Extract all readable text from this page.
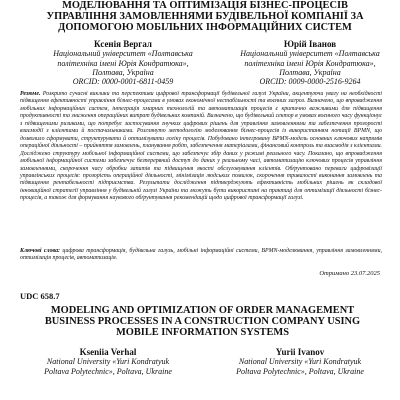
МОДЕЛЮВАННЯ ТА ОПТИМІЗАЦІЯ БІЗНЕС-ПРОЦЕСІВ УПРАВЛІННЯ ЗАМОВЛЕННЯМИ БУДІВЕЛЬНОЇ КОМПАНІЇ ЗА ДОПОМОГОЮ МОБІЛЬНИХ ІНФОРМАЦІЙНИХ СИСТЕМ
Ксенія Вергал
Національний університет «Полтавська
політехніка імені Юрія Кондратюка»,
Полтава, Україна
ORCID: 0000-0001-6811-0459
Юрій Іванов
Національний університет «Полтавська
політехніка імені Юрія Кондратюка»,
Полтава, Україна
ORCID: 0009-0000-2516-9264
Резюме. Розкрито сучасні виклики та перспективи цифрової трансформації будівельної галузі України, акцентуючи увагу на необхідності підвищення ефективності управління бізнес-процесами в умовах економічної нестабільності та воєнних загроз. Визначено, що впровадження мобільних інформаційних систем, інтеграція хмарних технологій та автоматизація процесів є критично важливими для підвищення продуктивності та зниження операційних витрат будівельних компаній. Визначено, що будівельний сектор в умовах воєнного часу функціонує з підвищеними ризиками, що потребує застосування гнучких цифрових рішень для управління замовленнями та забезпечення прозорості взаємодії з клієнтами й постачальниками. Розглянуто методологію моделювання бізнес-процесів із використанням нотації BPMN, що дозволило сформувати, структурувати й оптимізувати логіку процесів. Побудовано інтегровану BPMN-модель основних ключових напрямів операційної діяльності – прийняття замовлень, планування робіт, забезпечення матеріалами, фінансовий контроль та взаємодія з клієнтами. Досліджено структуру мобільної інформаційної системи, що забезпечує збір даних у режимі реального часу. Показано, що впровадження мобільної інформаційної системи забезпечує безперервний доступ до даних у реальному часі, автоматизацію ключових процесів управління замовленнями, скорочення часу обробки запитів та підвищення якості обслуговування клієнтів. Обґрунтовано переваги цифровізації управлінських процесів: прозорість операційної діяльності, мінімізація людських помилок, скорочення тривалості виконання замовлень та підвищення рентабельності підприємства. Результати дослідження підтверджують ефективність мобільних рішень як складової інноваційної стратегії управління у будівельній галузі України та можуть бути використані на практиці для оптимізації діяльності бізнес-процесів, а також для формування наукового обґрунтування рекомендацій щодо цифрової трансформації галузі.
Ключові слова: цифрова трансформація, будівельна галузь, мобільні інформаційні системи, BPMN-моделювання, управління замовленнями, оптимізація процесів, автоматизація.
Отримано 23.07.2025
UDC 658.7
MODELING AND OPTIMIZATION OF ORDER MANAGEMENT BUSINESS PROCESSES IN A CONSTRUCTION COMPANY USING MOBILE INFORMATION SYSTEMS
Kseniia Verhal
National University «Yuri Kondratyuk
Poltava Polytechnic», Poltava, Ukraine
Yurii Ivanov
National University «Yuri Kondratyuk
Poltava Polytechnic», Poltava, Ukraine
